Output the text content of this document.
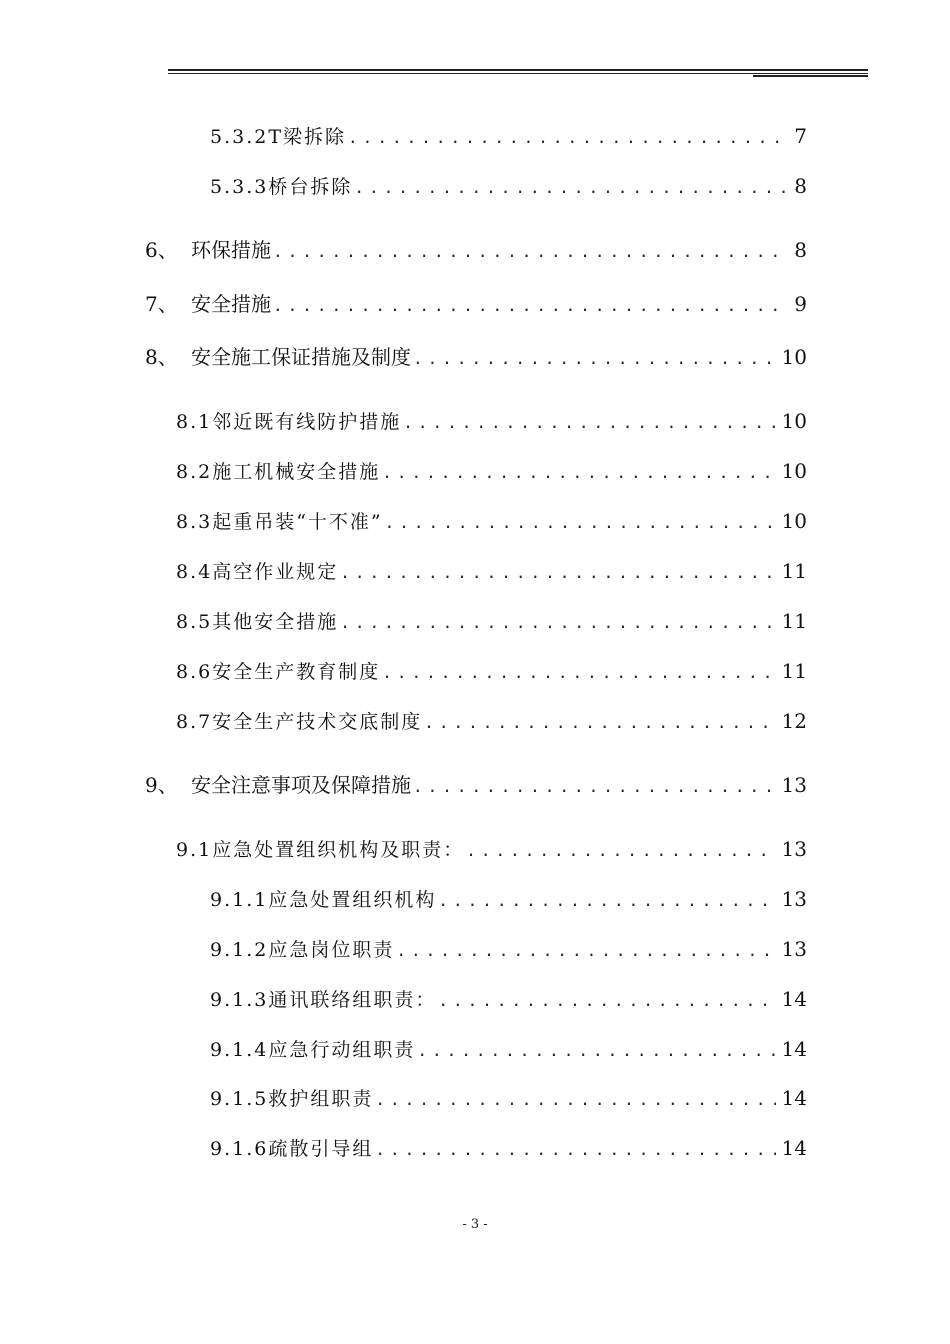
5.3.2 T梁拆除 .....	7
5.3.3 桥台拆除 .....	8
6、 环保措施 .....	8
7、 安全措施 .....	9
8、 安全施工保证措施及制度 .....	10
8.1 邻近既有线防护措施 .....	10
8.2 施工机械安全措施 .....	10
8.3 起重吊装“十不准” .....	10
8.4 高空作业规定 .....	11
8.5 其他安全措施 .....	11
8.6 安全生产教育制度 .....	11
8.7 安全生产技术交底制度 .....	12
9、 安全注意事项及保障措施 .....	13
9.1 应急处置组织机构及职责： .....	13
9.1.1 应急处置组织机构 .....	13
9.1.2 应急岗位职责 .....	13
9.1.3 通讯联络组职责： .....	14
9.1.4 应急行动组职责 .....	14
9.1.5 救护组职责 .....	14
9.1.6 疏散引导组 .....	14
- 3 -
